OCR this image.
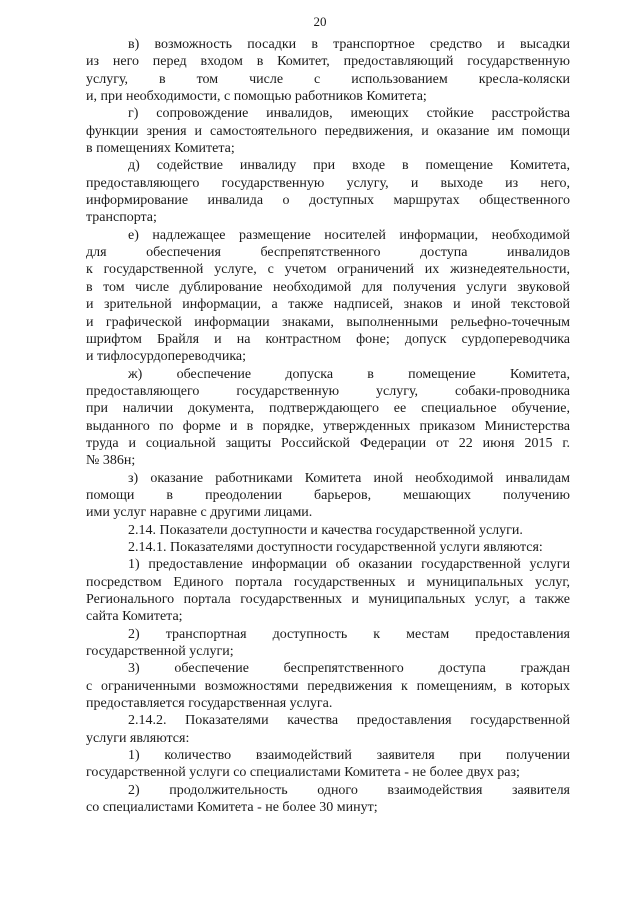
20
в) возможность посадки в транспортное средство и высадки
из него перед входом в Комитет, предоставляющий государственную
услугу, в том числе с использованием кресла-коляски
и, при необходимости, с помощью работников Комитета;
г) сопровождение инвалидов, имеющих стойкие расстройства
функции зрения и самостоятельного передвижения, и оказание им помощи
в помещениях Комитета;
д) содействие инвалиду при входе в помещение Комитета,
предоставляющего государственную услугу, и выходе из него,
информирование инвалида о доступных маршрутах общественного
транспорта;
е) надлежащее размещение носителей информации, необходимой
для обеспечения беспрепятственного доступа инвалидов
к государственной услуге, с учетом ограничений их жизнедеятельности,
в том числе дублирование необходимой для получения услуги звуковой
и зрительной информации, а также надписей, знаков и иной текстовой
и графической информации знаками, выполненными рельефно-точечным
шрифтом Брайля и на контрастном фоне; допуск сурдопереводчика
и тифлосурдопереводчика;
ж) обеспечение допуска в помещение Комитета,
предоставляющего государственную услугу, собаки-проводника
при наличии документа, подтверждающего ее специальное обучение,
выданного по форме и в порядке, утвержденных приказом Министерства
труда и социальной защиты Российской Федерации от 22 июня 2015 г.
№ 386н;
з) оказание работниками Комитета иной необходимой инвалидам
помощи в преодолении барьеров, мешающих получению
ими услуг наравне с другими лицами.
2.14. Показатели доступности и качества государственной услуги.
2.14.1. Показателями доступности государственной услуги являются:
1) предоставление информации об оказании государственной услуги
посредством Единого портала государственных и муниципальных услуг,
Регионального портала государственных и муниципальных услуг, а также
сайта Комитета;
2) транспортная доступность к местам предоставления
государственной услуги;
3) обеспечение беспрепятственного доступа граждан
с ограниченными возможностями передвижения к помещениям, в которых
предоставляется государственная услуга.
2.14.2. Показателями качества предоставления государственной
услуги являются:
1) количество взаимодействий заявителя при получении
государственной услуги со специалистами Комитета - не более двух раз;
2) продолжительность одного взаимодействия заявителя
со специалистами Комитета - не более 30 минут;
